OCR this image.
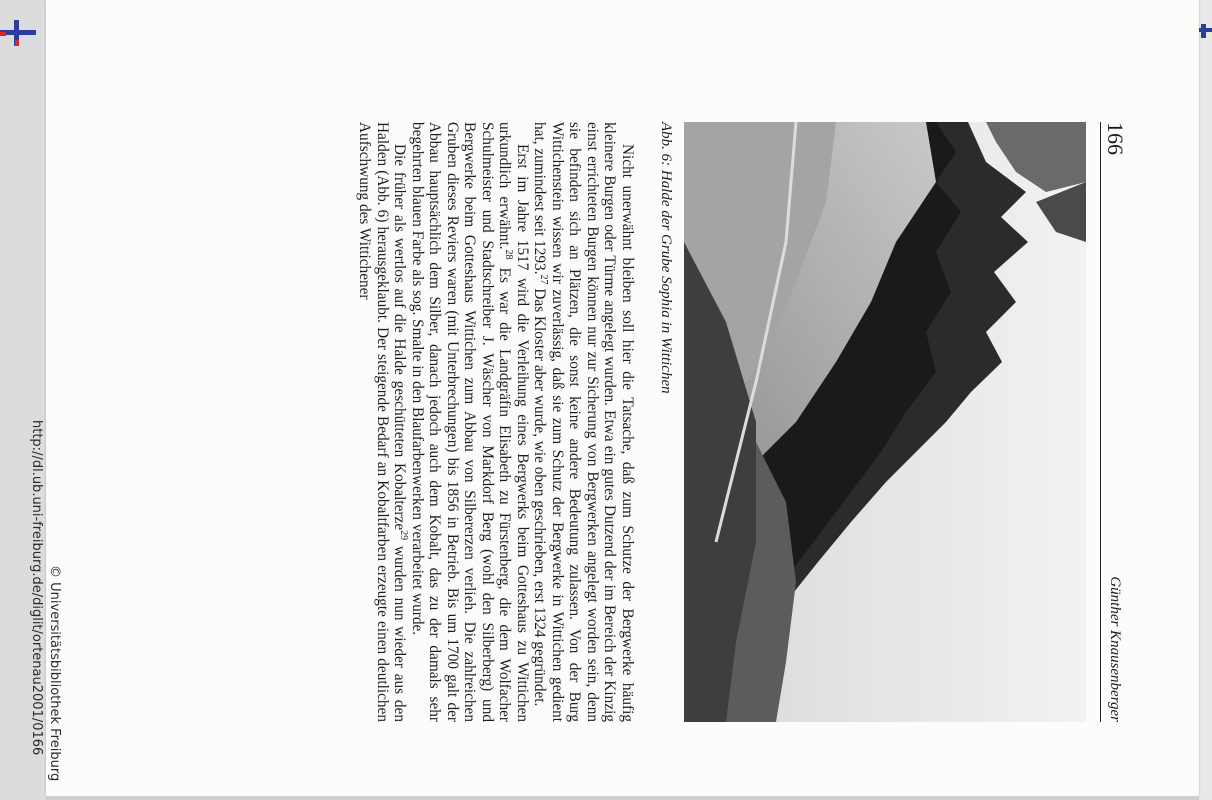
http://dl.ub.uni-freiburg.de/diglit/ortenau2001/0166 © Universitätsbibliothek Freiburg
166
Günther Knausenberger
Abb. 6: Halde der Grube Sophia in Wittichen

Nicht unerwähnt bleiben soll hier die Tatsache, daß zum Schutze der Bergwerke häufig kleinere Burgen oder Türme angelegt wurden. Etwa ein gutes Dutzend der im Bereich der Kinzig einst errichteten Burgen können nur zur Sicherung von Bergwerken angelegt worden sein, denn sie befinden sich an Plätzen, die sonst keine andere Bedeutung zulassen. Von der Burg Wittichenstein wissen wir zuverlässig, daß sie zum Schutz der Bergwerke in Wittichen gedient hat, zumindest seit 1293.27 Das Kloster aber wurde, wie oben geschrieben, erst 1324 gegründet.

Erst im Jahre 1517 wird die Verleihung eines Bergwerks beim Gotteshaus zu Wittichen urkundlich erwähnt.$^{28}$ Es war die Landgräfin Elisabeth zu Fürstenberg, die dem Wolfacher Schulmeister und Stadtschreiber J. Wäscher von Markdorf Berg (wohl den Silberberg) und Bergwerke beim Gotteshaus Wittichen zum Abbau von Silbererzen verlieh. Die zahlreichen Gruben dieses Reviers waren (mit Unterbrechungen) bis 1856 in Betrieb. Bis um 1700 galt der Abbau hauptsächlich dem Silber, danach jedoch auch dem Kobalt, das zu der damals sehr begehrten blauen Farbe als sog. Smalte in den Blaufarbenwerken verarbeitet wurde.

Die früher als wertlos auf die Halde geschütteten Kobalterze$^{29}$ wurden nun wieder aus den Halden (Abb. 6) herausgeklaubt. Der steigende Bedarf an Kobaltfarben erzeugte einen deutlichen Aufschwung des Wittichener
